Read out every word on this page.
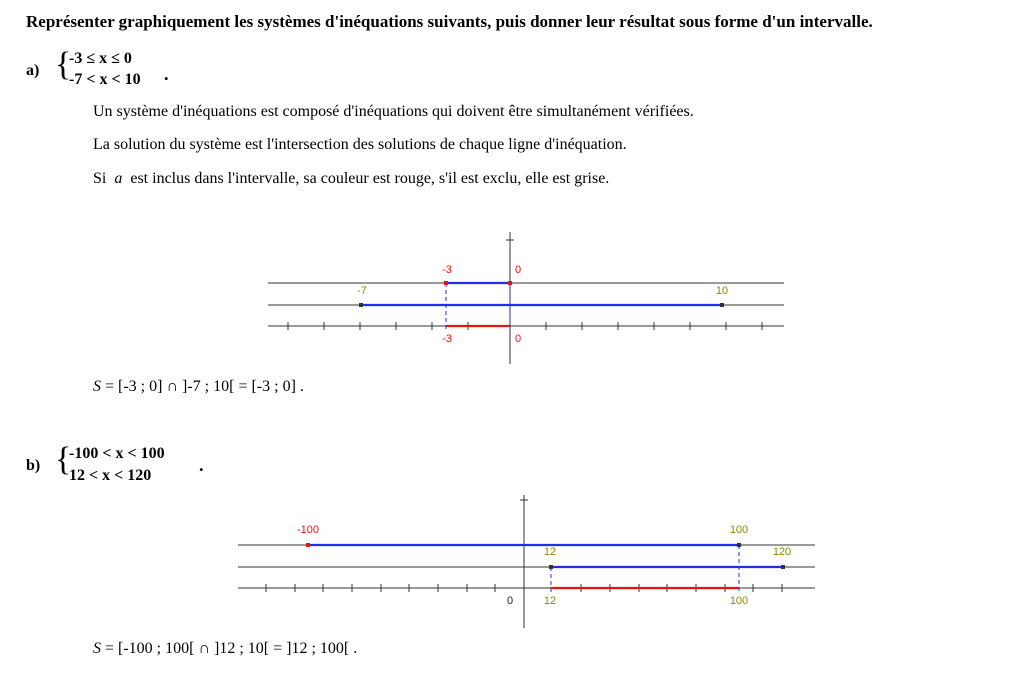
Représenter graphiquement les systèmes d'inéquations suivants, puis donner leur résultat sous forme d'un intervalle.
a) {
-3 ≤ x ≤ 0
-7 < x < 10 .
Un système d'inéquations est composé d'inéquations qui doivent être simultanément vérifiées.
La solution du système est l'intersection des solutions de chaque ligne d'inéquation.
Si a est inclus dans l'intervalle, sa couleur est rouge, s'il est exclu, elle est grise.
-3	0
-7	10
-3	0
-100	100
12	120
0	12	100
S = [-3 ; 0] ∩ ]-7 ; 10[ = [-3 ; 0] .
b) {
-100 < x < 100
12 < x < 120
.
S = [-100 ; 100[ ∩ ]12 ; 10[ = ]12 ; 100[ .
